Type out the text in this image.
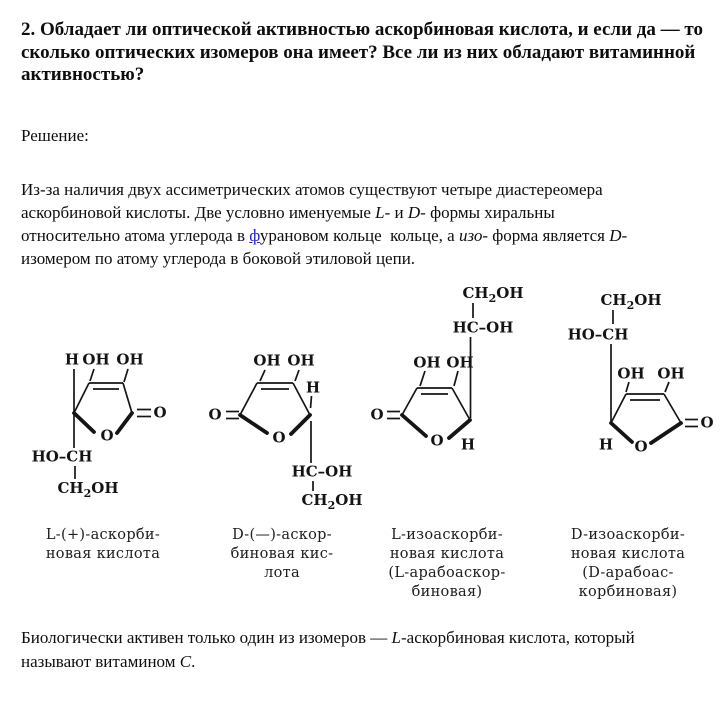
2. Обладает ли оптической активностью аскорбиновая кислота, и если да — то
сколько оптических изомеров она имеет? Все ли из них обладают витаминной
активностью?
Решение:
Из-за наличия двух ассиметрических атомов существуют четыре диастереомера
аскорбиновой кислоты. Две условно именуемые L- и D- формы хиральны
относительно атома углерода в фурановом кольце  кольце, а изо- форма является D-
изомером по атому углерода в боковой этиловой цепи.
H OH OH
O
O
HO–CH
$CH_2OH$
OH OH
H
O
O
HC–OH
$CH_2OH$
$CH_2OH$
HC–OH
OH OH
O
O H
$CH_2OH$
HO–CH
OH OH
O
O
H
L-(+)-аскорби-
новая кислота
D-(—)-аскор-
биновая кис-
лота
L-изоаскорби-
новая кислота
(L-арабоаскор-
биновая)
D-изоаскорби-
новая кислота
(D-арабоас-
корбиновая)
Биологически активен только один из изомеров — L-аскорбиновая кислота, который
называют витамином C.
